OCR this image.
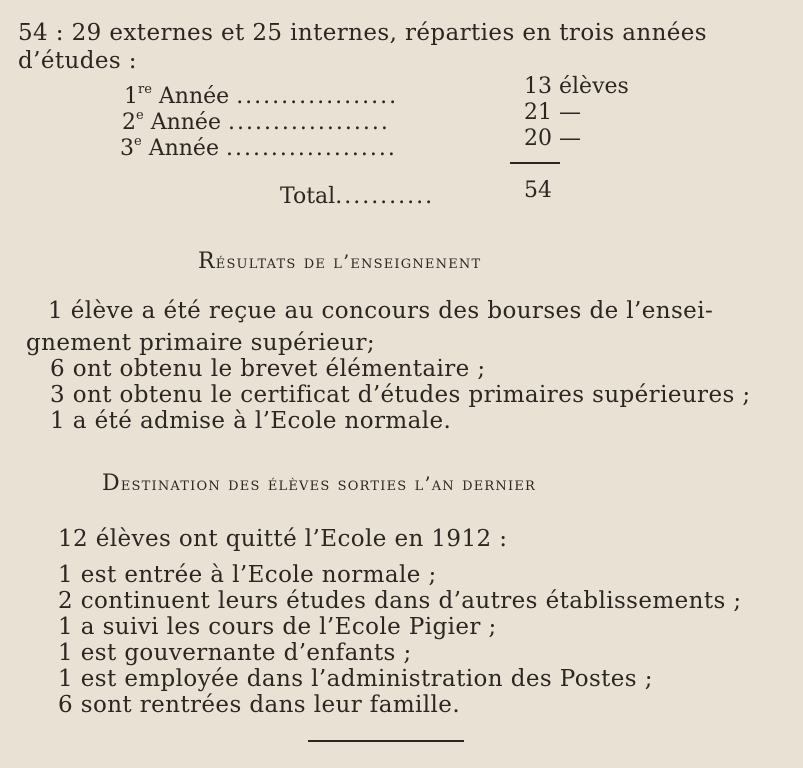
54 : 29 externes et 25 internes, réparties en trois années
d’études :
1re Année ..................	13 élèves
2e Année ..................	21 —
3e Année ...................	20 —
Total...........	54
Résultats de l’enseignenent
1 élève a été reçue au concours des bourses de l’ensei-
gnement primaire supérieur;
6 ont obtenu le brevet élémentaire ;
3 ont obtenu le certificat d’études primaires supérieures ;
1 a été admise à l’Ecole normale.
Destination des élèves sorties l’an dernier
12 élèves ont quitté l’Ecole en 1912 :
1 est entrée à l’Ecole normale ;
2 continuent leurs études dans d’autres établissements ;
1 a suivi les cours de l’Ecole Pigier ;
1 est gouvernante d’enfants ;
1 est employée dans l’administration des Postes ;
6 sont rentrées dans leur famille.
